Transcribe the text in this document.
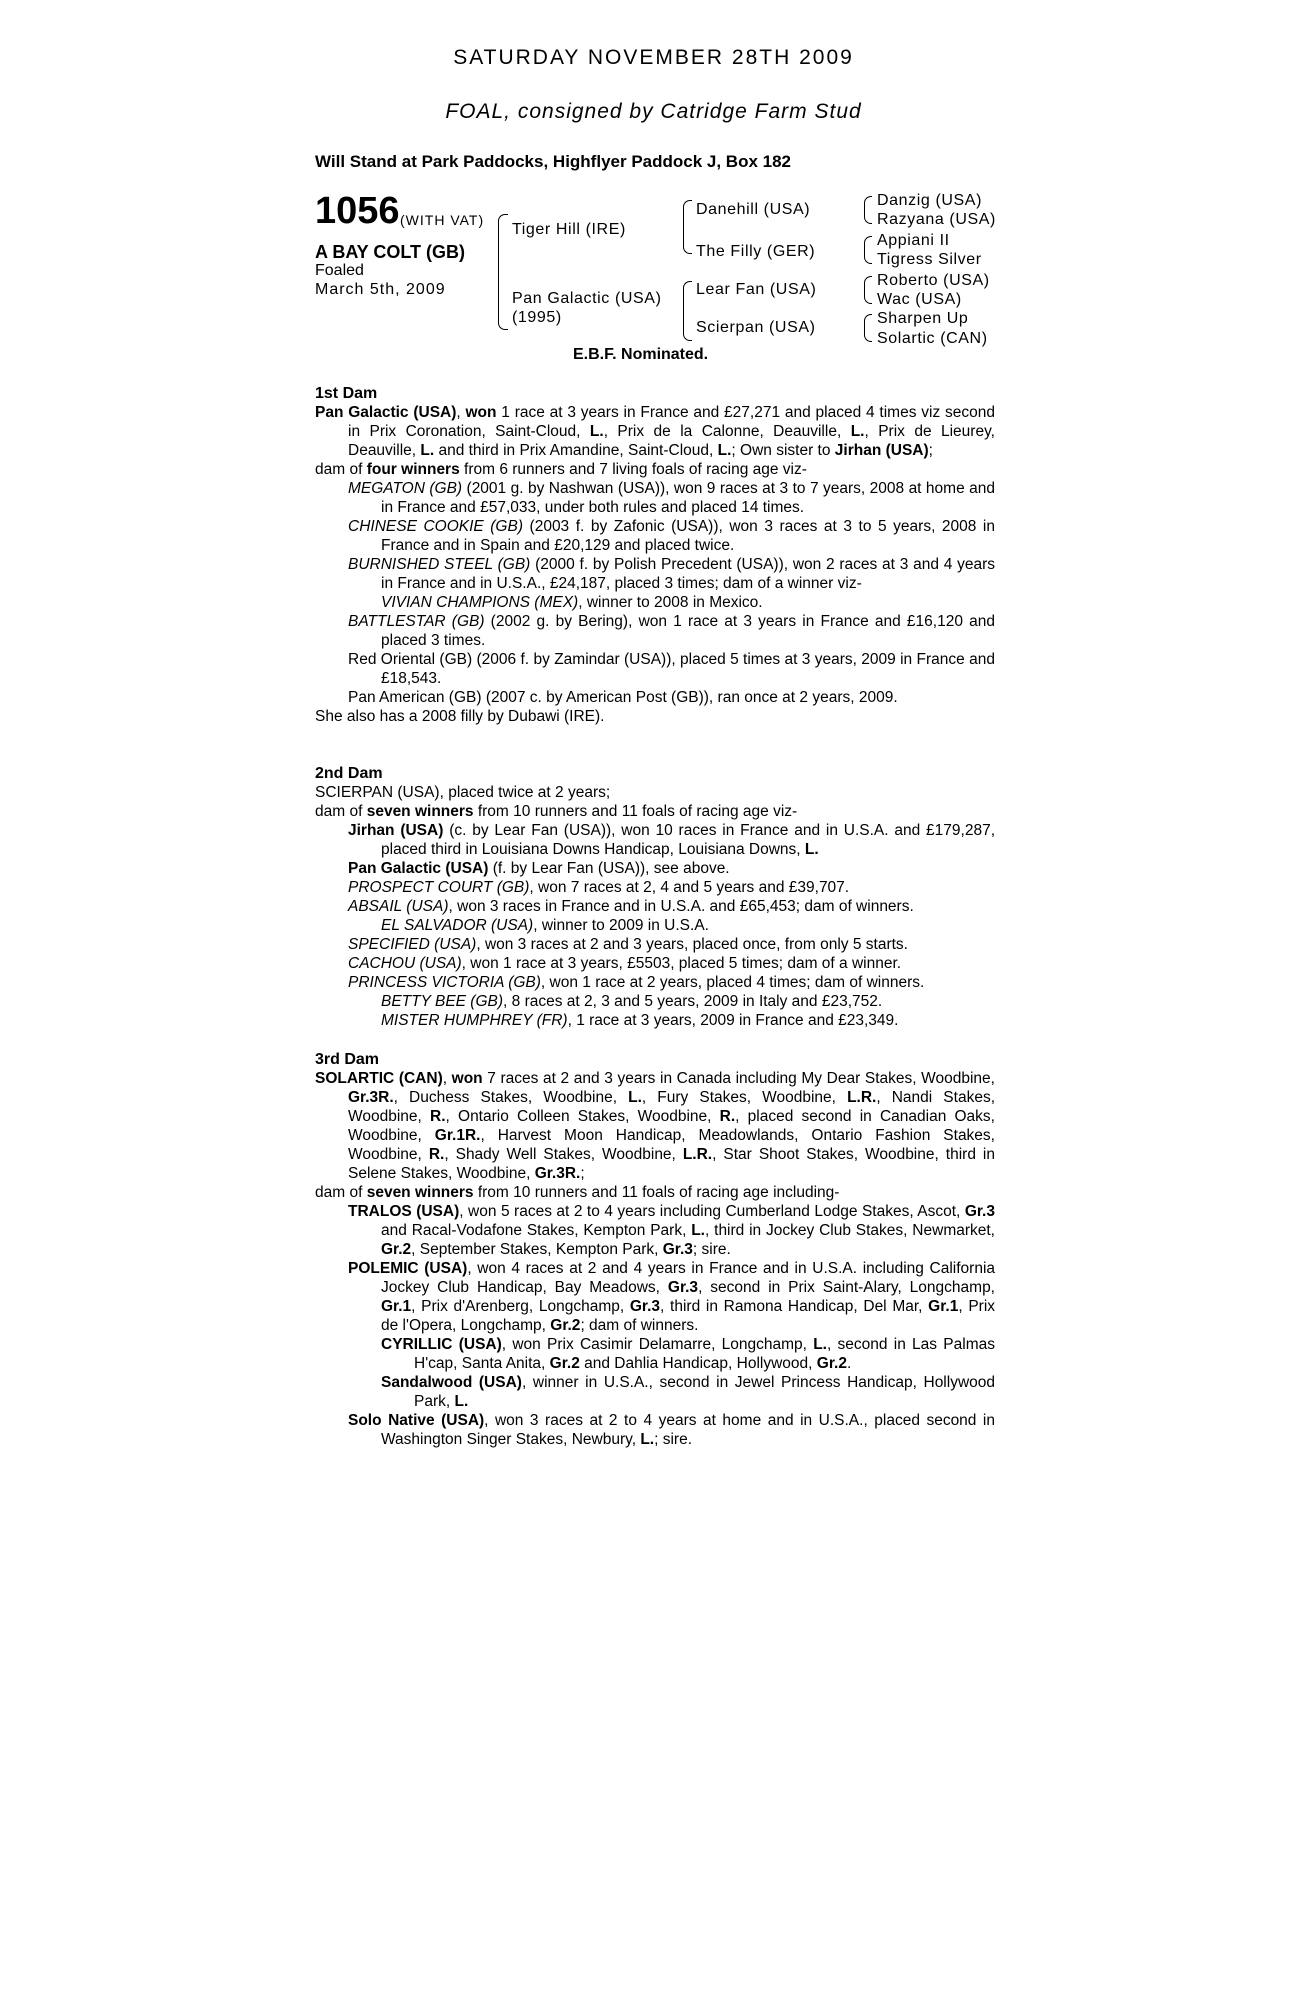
SATURDAY NOVEMBER 28TH 2009
FOAL, consigned by Catridge Farm Stud
Will Stand at Park Paddocks, Highflyer Paddock J, Box 182
1056 (WITH VAT)
A BAY COLT (GB)
Foaled
March 5th, 2009
Tiger Hill (IRE)
Pan Galactic (USA)
(1995)
Danehill (USA)
The Filly (GER)
Lear Fan (USA)
Scierpan (USA)
Danzig (USA)
Razyana (USA)
Appiani II
Tigress Silver
Roberto (USA)
Wac (USA)
Sharpen Up
Solartic (CAN)
E.B.F. Nominated.

1st Dam

Pan Galactic (USA), won 1 race at 3 years in France and £27,271 and placed 4 times viz second in Prix Coronation, Saint-Cloud, L., Prix de la Calonne, Deauville, L., Prix de Lieurey, Deauville, L. and third in Prix Amandine, Saint-Cloud, L.; Own sister to Jirhan (USA);

dam of four winners from 6 runners and 7 living foals of racing age viz-

MEGATON (GB) (2001 g. by Nashwan (USA)), won 9 races at 3 to 7 years, 2008 at home and in France and £57,033, under both rules and placed 14 times.

CHINESE COOKIE (GB) (2003 f. by Zafonic (USA)), won 3 races at 3 to 5 years, 2008 in France and in Spain and £20,129 and placed twice.

BURNISHED STEEL (GB) (2000 f. by Polish Precedent (USA)), won 2 races at 3 and 4 years in France and in U.S.A., £24,187, placed 3 times; dam of a winner viz-

VIVIAN CHAMPIONS (MEX), winner to 2008 in Mexico.

BATTLESTAR (GB) (2002 g. by Bering), won 1 race at 3 years in France and £16,120 and placed 3 times.

Red Oriental (GB) (2006 f. by Zamindar (USA)), placed 5 times at 3 years, 2009 in France and £18,543.

Pan American (GB) (2007 c. by American Post (GB)), ran once at 2 years, 2009.

She also has a 2008 filly by Dubawi (IRE).

2nd Dam

SCIERPAN (USA), placed twice at 2 years;

dam of seven winners from 10 runners and 11 foals of racing age viz-

Jirhan (USA) (c. by Lear Fan (USA)), won 10 races in France and in U.S.A. and £179,287, placed third in Louisiana Downs Handicap, Louisiana Downs, L.

Pan Galactic (USA) (f. by Lear Fan (USA)), see above.

PROSPECT COURT (GB), won 7 races at 2, 4 and 5 years and £39,707.

ABSAIL (USA), won 3 races in France and in U.S.A. and £65,453; dam of winners.

EL SALVADOR (USA), winner to 2009 in U.S.A.

SPECIFIED (USA), won 3 races at 2 and 3 years, placed once, from only 5 starts.

CACHOU (USA), won 1 race at 3 years, £5503, placed 5 times; dam of a winner.

PRINCESS VICTORIA (GB), won 1 race at 2 years, placed 4 times; dam of winners.

BETTY BEE (GB), 8 races at 2, 3 and 5 years, 2009 in Italy and £23,752.

MISTER HUMPHREY (FR), 1 race at 3 years, 2009 in France and £23,349.

3rd Dam

SOLARTIC (CAN), won 7 races at 2 and 3 years in Canada including My Dear Stakes, Woodbine, Gr.3R., Duchess Stakes, Woodbine, L., Fury Stakes, Woodbine, L.R., Nandi Stakes, Woodbine, R., Ontario Colleen Stakes, Woodbine, R., placed second in Canadian Oaks, Woodbine, Gr.1R., Harvest Moon Handicap, Meadowlands, Ontario Fashion Stakes, Woodbine, R., Shady Well Stakes, Woodbine, L.R., Star Shoot Stakes, Woodbine, third in Selene Stakes, Woodbine, Gr.3R.;

dam of seven winners from 10 runners and 11 foals of racing age including-

TRALOS (USA), won 5 races at 2 to 4 years including Cumberland Lodge Stakes, Ascot, Gr.3 and Racal-Vodafone Stakes, Kempton Park, L., third in Jockey Club Stakes, Newmarket, Gr.2, September Stakes, Kempton Park, Gr.3; sire.

POLEMIC (USA), won 4 races at 2 and 4 years in France and in U.S.A. including California Jockey Club Handicap, Bay Meadows, Gr.3, second in Prix Saint-Alary, Longchamp, Gr.1, Prix d'Arenberg, Longchamp, Gr.3, third in Ramona Handicap, Del Mar, Gr.1, Prix de l'Opera, Longchamp, Gr.2; dam of winners.

CYRILLIC (USA), won Prix Casimir Delamarre, Longchamp, L., second in Las Palmas H'cap, Santa Anita, Gr.2 and Dahlia Handicap, Hollywood, Gr.2.

Sandalwood (USA), winner in U.S.A., second in Jewel Princess Handicap, Hollywood Park, L.

Solo Native (USA), won 3 races at 2 to 4 years at home and in U.S.A., placed second in Washington Singer Stakes, Newbury, L.; sire.
